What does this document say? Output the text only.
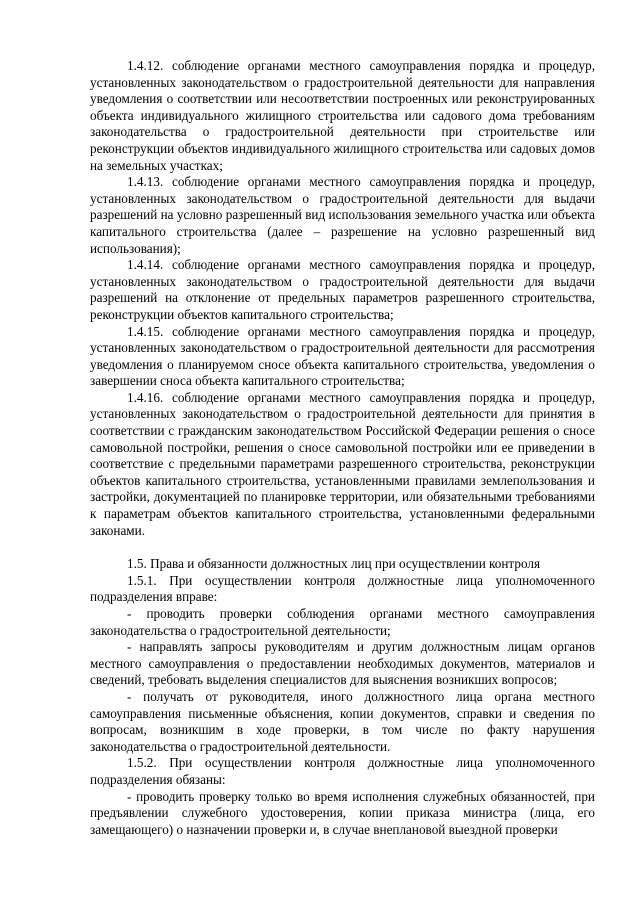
1.4.12. соблюдение органами местного самоуправления порядка и процедур, установленных законодательством о градостроительной деятельности для направления уведомления о соответствии или несоответствии построенных или реконструированных объекта индивидуального жилищного строительства или садового дома требованиям законодательства о градостроительной деятельности при строительстве или реконструкции объектов индивидуального жилищного строительства или садовых домов на земельных участках;

1.4.13. соблюдение органами местного самоуправления порядка и процедур, установленных законодательством о градостроительной деятельности для выдачи разрешений на условно разрешенный вид использования земельного участка или объекта капитального строительства (далее – разрешение на условно разрешенный вид использования);

1.4.14. соблюдение органами местного самоуправления порядка и процедур, установленных законодательством о градостроительной деятельности для выдачи разрешений на отклонение от предельных параметров разрешенного строительства, реконструкции объектов капитального строительства;

1.4.15. соблюдение органами местного самоуправления порядка и процедур, установленных законодательством о градостроительной деятельности для рассмотрения уведомления о планируемом сносе объекта капитального строительства, уведомления о завершении сноса объекта капитального строительства;

1.4.16. соблюдение органами местного самоуправления порядка и процедур, установленных законодательством о градостроительной деятельности для принятия в соответствии с гражданским законодательством Российской Федерации решения о сносе самовольной постройки, решения о сносе самовольной постройки или ее приведении в соответствие с предельными параметрами разрешенного строительства, реконструкции объектов капитального строительства, установленными правилами землепользования и застройки, документацией по планировке территории, или обязательными требованиями к параметрам объектов капитального строительства, установленными федеральными законами.

1.5. Права и обязанности должностных лиц при осуществлении контроля

1.5.1. При осуществлении контроля должностные лица уполномоченного подразделения вправе:

- проводить проверки соблюдения органами местного самоуправления законодательства о градостроительной деятельности;

- направлять запросы руководителям и другим должностным лицам органов местного самоуправления о предоставлении необходимых документов, материалов и сведений, требовать выделения специалистов для выяснения возникших вопросов;

- получать от руководителя, иного должностного лица органа местного самоуправления письменные объяснения, копии документов, справки и сведения по вопросам, возникшим в ходе проверки, в том числе по факту нарушения законодательства о градостроительной деятельности.

1.5.2. При осуществлении контроля должностные лица уполномоченного подразделения обязаны:

- проводить проверку только во время исполнения служебных обязанностей, при предъявлении служебного удостоверения, копии приказа министра (лица, его замещающего) о назначении проверки и, в случае внеплановой выездной проверки
